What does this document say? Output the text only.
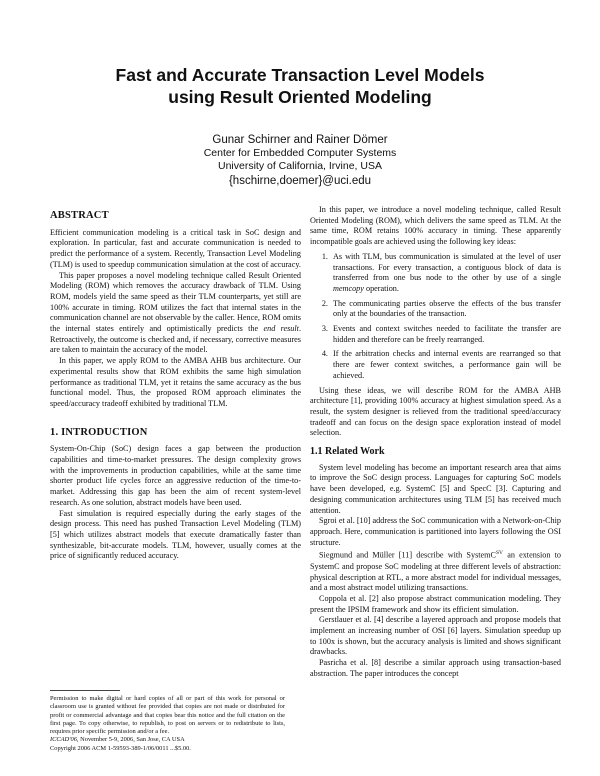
Fast and Accurate Transaction Level Models
using Result Oriented Modeling
Gunar Schirner and Rainer Dömer
Center for Embedded Computer Systems
University of California, Irvine, USA
{hschirne,doemer}@uci.edu
ABSTRACT

Efficient communication modeling is a critical task in SoC design and exploration. In particular, fast and accurate communication is needed to predict the performance of a system. Recently, Transaction Level Modeling (TLM) is used to speedup communication simulation at the cost of accuracy.

This paper proposes a novel modeling technique called Result Oriented Modeling (ROM) which removes the accuracy drawback of TLM. Using ROM, models yield the same speed as their TLM counterparts, yet still are 100% accurate in timing. ROM utilizes the fact that internal states in the communication channel are not observable by the caller. Hence, ROM omits the internal states entirely and optimistically predicts the end result. Retroactively, the outcome is checked and, if necessary, corrective measures are taken to maintain the accuracy of the model.

In this paper, we apply ROM to the AMBA AHB bus architecture. Our experimental results show that ROM exhibits the same high simulation performance as traditional TLM, yet it retains the same accuracy as the bus functional model. Thus, the proposed ROM approach eliminates the speed/accuracy tradeoff exhibited by traditional TLM.

1. INTRODUCTION

System-On-Chip (SoC) design faces a gap between the production capabilities and time-to-market pressures. The design complexity grows with the improvements in production capabilities, while at the same time shorter product life cycles force an aggressive reduction of the time-to-market. Addressing this gap has been the aim of recent system-level research. As one solution, abstract models have been used.

Fast simulation is required especially during the early stages of the design process. This need has pushed Transaction Level Modeling (TLM) [5] which utilizes abstract models that execute dramatically faster than synthesizable, bit-accurate models. TLM, however, usually comes at the price of significantly reduced accuracy.

Permission to make digital or hard copies of all or part of this work for personal or classroom use is granted without fee provided that copies are not made or distributed for profit or commercial advantage and that copies bear this notice and the full citation on the first page. To copy otherwise, to republish, to post on servers or to redistribute to lists, requires prior specific permission and/or a fee.

ICCAD'06, November 5-9, 2006, San Jose, CA USA

Copyright 2006 ACM 1-59593-389-1/06/0011 ...$5.00.

In this paper, we introduce a novel modeling technique, called Result Oriented Modeling (ROM), which delivers the same speed as TLM. At the same time, ROM retains 100% accuracy in timing. These apparently incompatible goals are achieved using the following key ideas:

1. As with TLM, bus communication is simulated at the level of user transactions. For every transaction, a contiguous block of data is transferred from one bus node to the other by use of a single memcopy operation.
2. The communicating parties observe the effects of the bus transfer only at the boundaries of the transaction.
3. Events and context switches needed to facilitate the transfer are hidden and therefore can be freely rearranged.
4. If the arbitration checks and internal events are rearranged so that there are fewer context switches, a performance gain will be achieved.

Using these ideas, we will describe ROM for the AMBA AHB architecture [1], providing 100% accuracy at highest simulation speed. As a result, the system designer is relieved from the traditional speed/accuracy tradeoff and can focus on the design space exploration instead of model selection.

1.1 Related Work

System level modeling has become an important research area that aims to improve the SoC design process. Languages for capturing SoC models have been developed, e.g. SystemC [5] and SpecC [3]. Capturing and designing communication architectures using TLM [5] has received much attention.

Sgroi et al. [10] address the SoC communication with a Network-on-Chip approach. Here, communication is partitioned into layers following the OSI structure.

Siegmund and Müller [11] describe with SystemC$^{SV}$ an extension to SystemC and propose SoC modeling at three different levels of abstraction: physical description at RTL, a more abstract model for individual messages, and a most abstract model utilizing transactions.

Coppola et al. [2] also propose abstract communication modeling. They present the IPSIM framework and show its efficient simulation.

Gerstlauer et al. [4] describe a layered approach and propose models that implement an increasing number of OSI [6] layers. Simulation speedup up to 100x is shown, but the accuracy analysis is limited and shows significant drawbacks.

Pasricha et al. [8] describe a similar approach using transaction-based abstraction. The paper introduces the concept
